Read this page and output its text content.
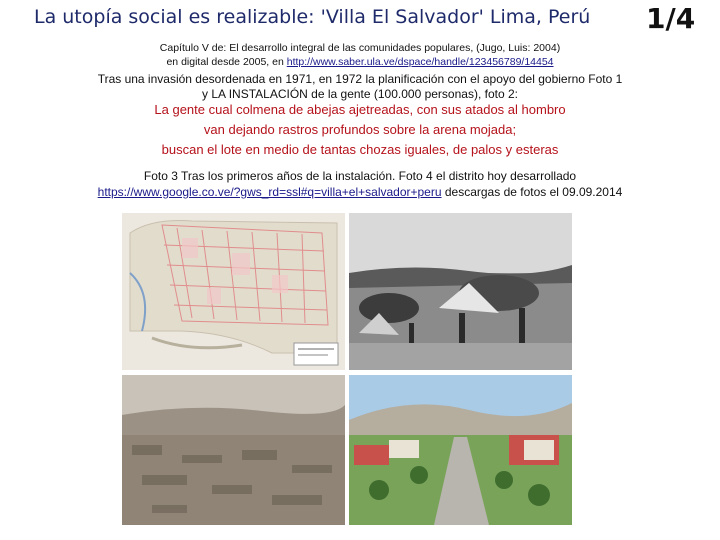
La utopía social es realizable: 'Villa El Salvador' Lima, Perú	1/4
Capítulo V de: El desarrollo integral de las comunidades populares, (Jugo, Luis: 2004)
en digital desde 2005, en http://www.saber.ula.ve/dspace/handle/123456789/14454
Tras una invasión desordenada en 1971, en 1972 la planificación con el apoyo del gobierno Foto 1
y LA INSTALACIÓN de la gente (100.000 personas), foto 2:
La gente cual colmena de abejas ajetreadas, con sus atados al hombro
van dejando rastros profundos sobre la arena mojada;
buscan el lote en medio de tantas chozas iguales, de palos y esteras
Foto 3 Tras los primeros años de la instalación. Foto 4 el distrito hoy desarrollado
https://www.google.co.ve/?gws_rd=ssl#q=villa+el+salvador+peru descargas de fotos el 09.09.2014
